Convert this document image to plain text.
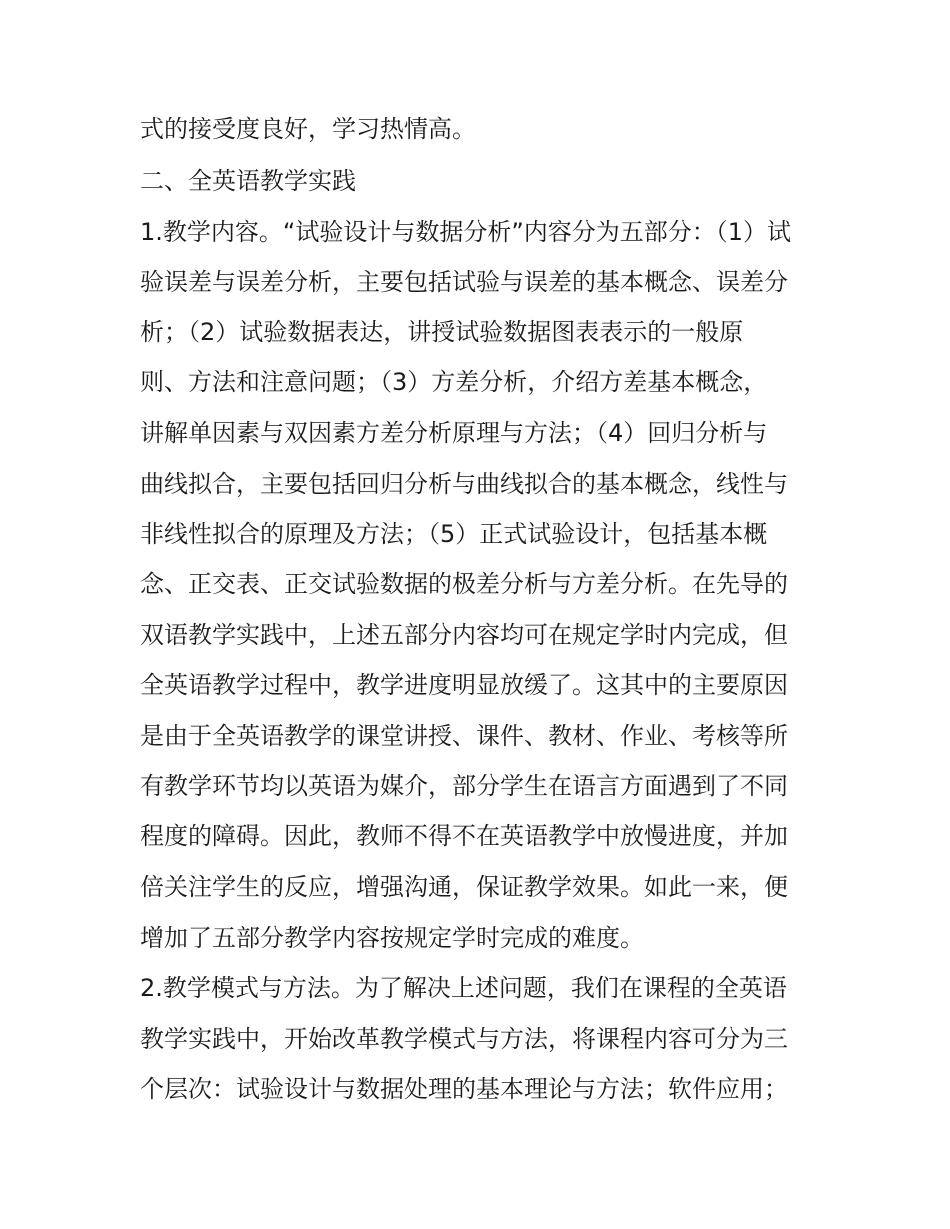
式的接受度良好，学习热情高。
二、全英语教学实践
1.教学内容。“试验设计与数据分析”内容分为五部分：（1）试
验误差与误差分析，主要包括试验与误差的基本概念、误差分
析；（2）试验数据表达，讲授试验数据图表表示的一般原
则、方法和注意问题；（3）方差分析，介绍方差基本概念，
讲解单因素与双因素方差分析原理与方法；（4）回归分析与
曲线拟合，主要包括回归分析与曲线拟合的基本概念，线性与
非线性拟合的原理及方法；（5）正式试验设计，包括基本概
念、正交表、正交试验数据的极差分析与方差分析。在先导的
双语教学实践中，上述五部分内容均可在规定学时内完成，但
全英语教学过程中，教学进度明显放缓了。这其中的主要原因
是由于全英语教学的课堂讲授、课件、教材、作业、考核等所
有教学环节均以英语为媒介，部分学生在语言方面遇到了不同
程度的障碍。因此，教师不得不在英语教学中放慢进度，并加
倍关注学生的反应，增强沟通，保证教学效果。如此一来，便
增加了五部分教学内容按规定学时完成的难度。
2.教学模式与方法。为了解决上述问题，我们在课程的全英语
教学实践中，开始改革教学模式与方法，将课程内容可分为三
个层次：试验设计与数据处理的基本理论与方法；软件应用；
